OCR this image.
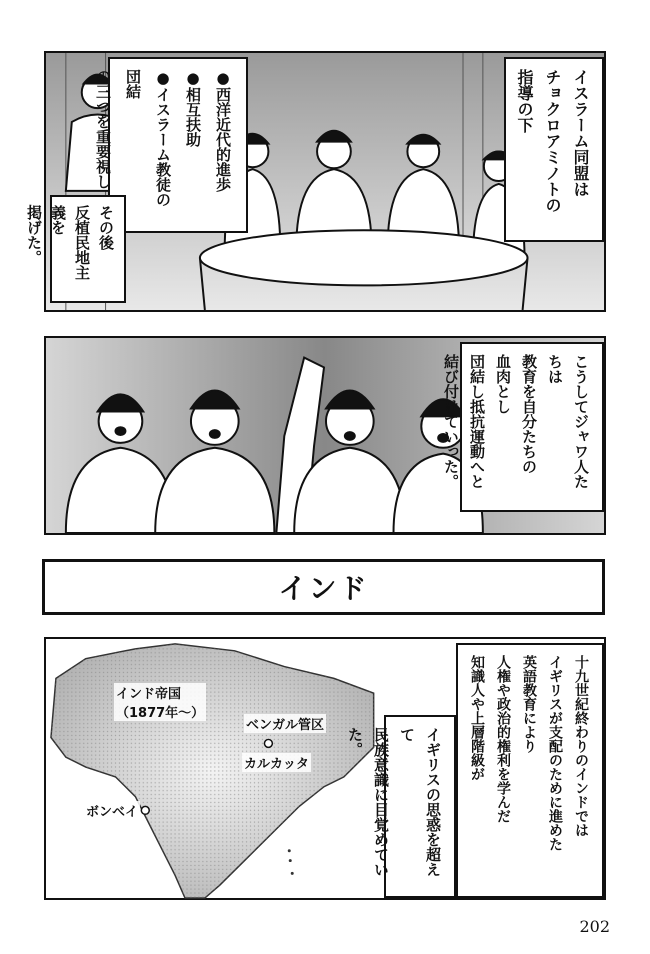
●西洋近代的進歩
●相互扶助
●イスラーム教徒の団結
の三つを重要視し
その後
反植民地主義を
掲げた。
イスラーム同盟は
チョクロアミノトの
指導の下
こうしてジャワ人たちは
教育を自分たちの
血肉とし
団結し抵抗運動へと
結び付けていった。
インド
インド帝国
（1877年〜）
ベンガル管区
カルカッタ
ボンベイ	イギリスの思惑を超えて
民族意識に目覚めていた。	十九世紀終わりのインドでは
イギリスが支配のために進めた
英語教育により
人権や政治的権利を学んだ
知識人や上層階級が
202
